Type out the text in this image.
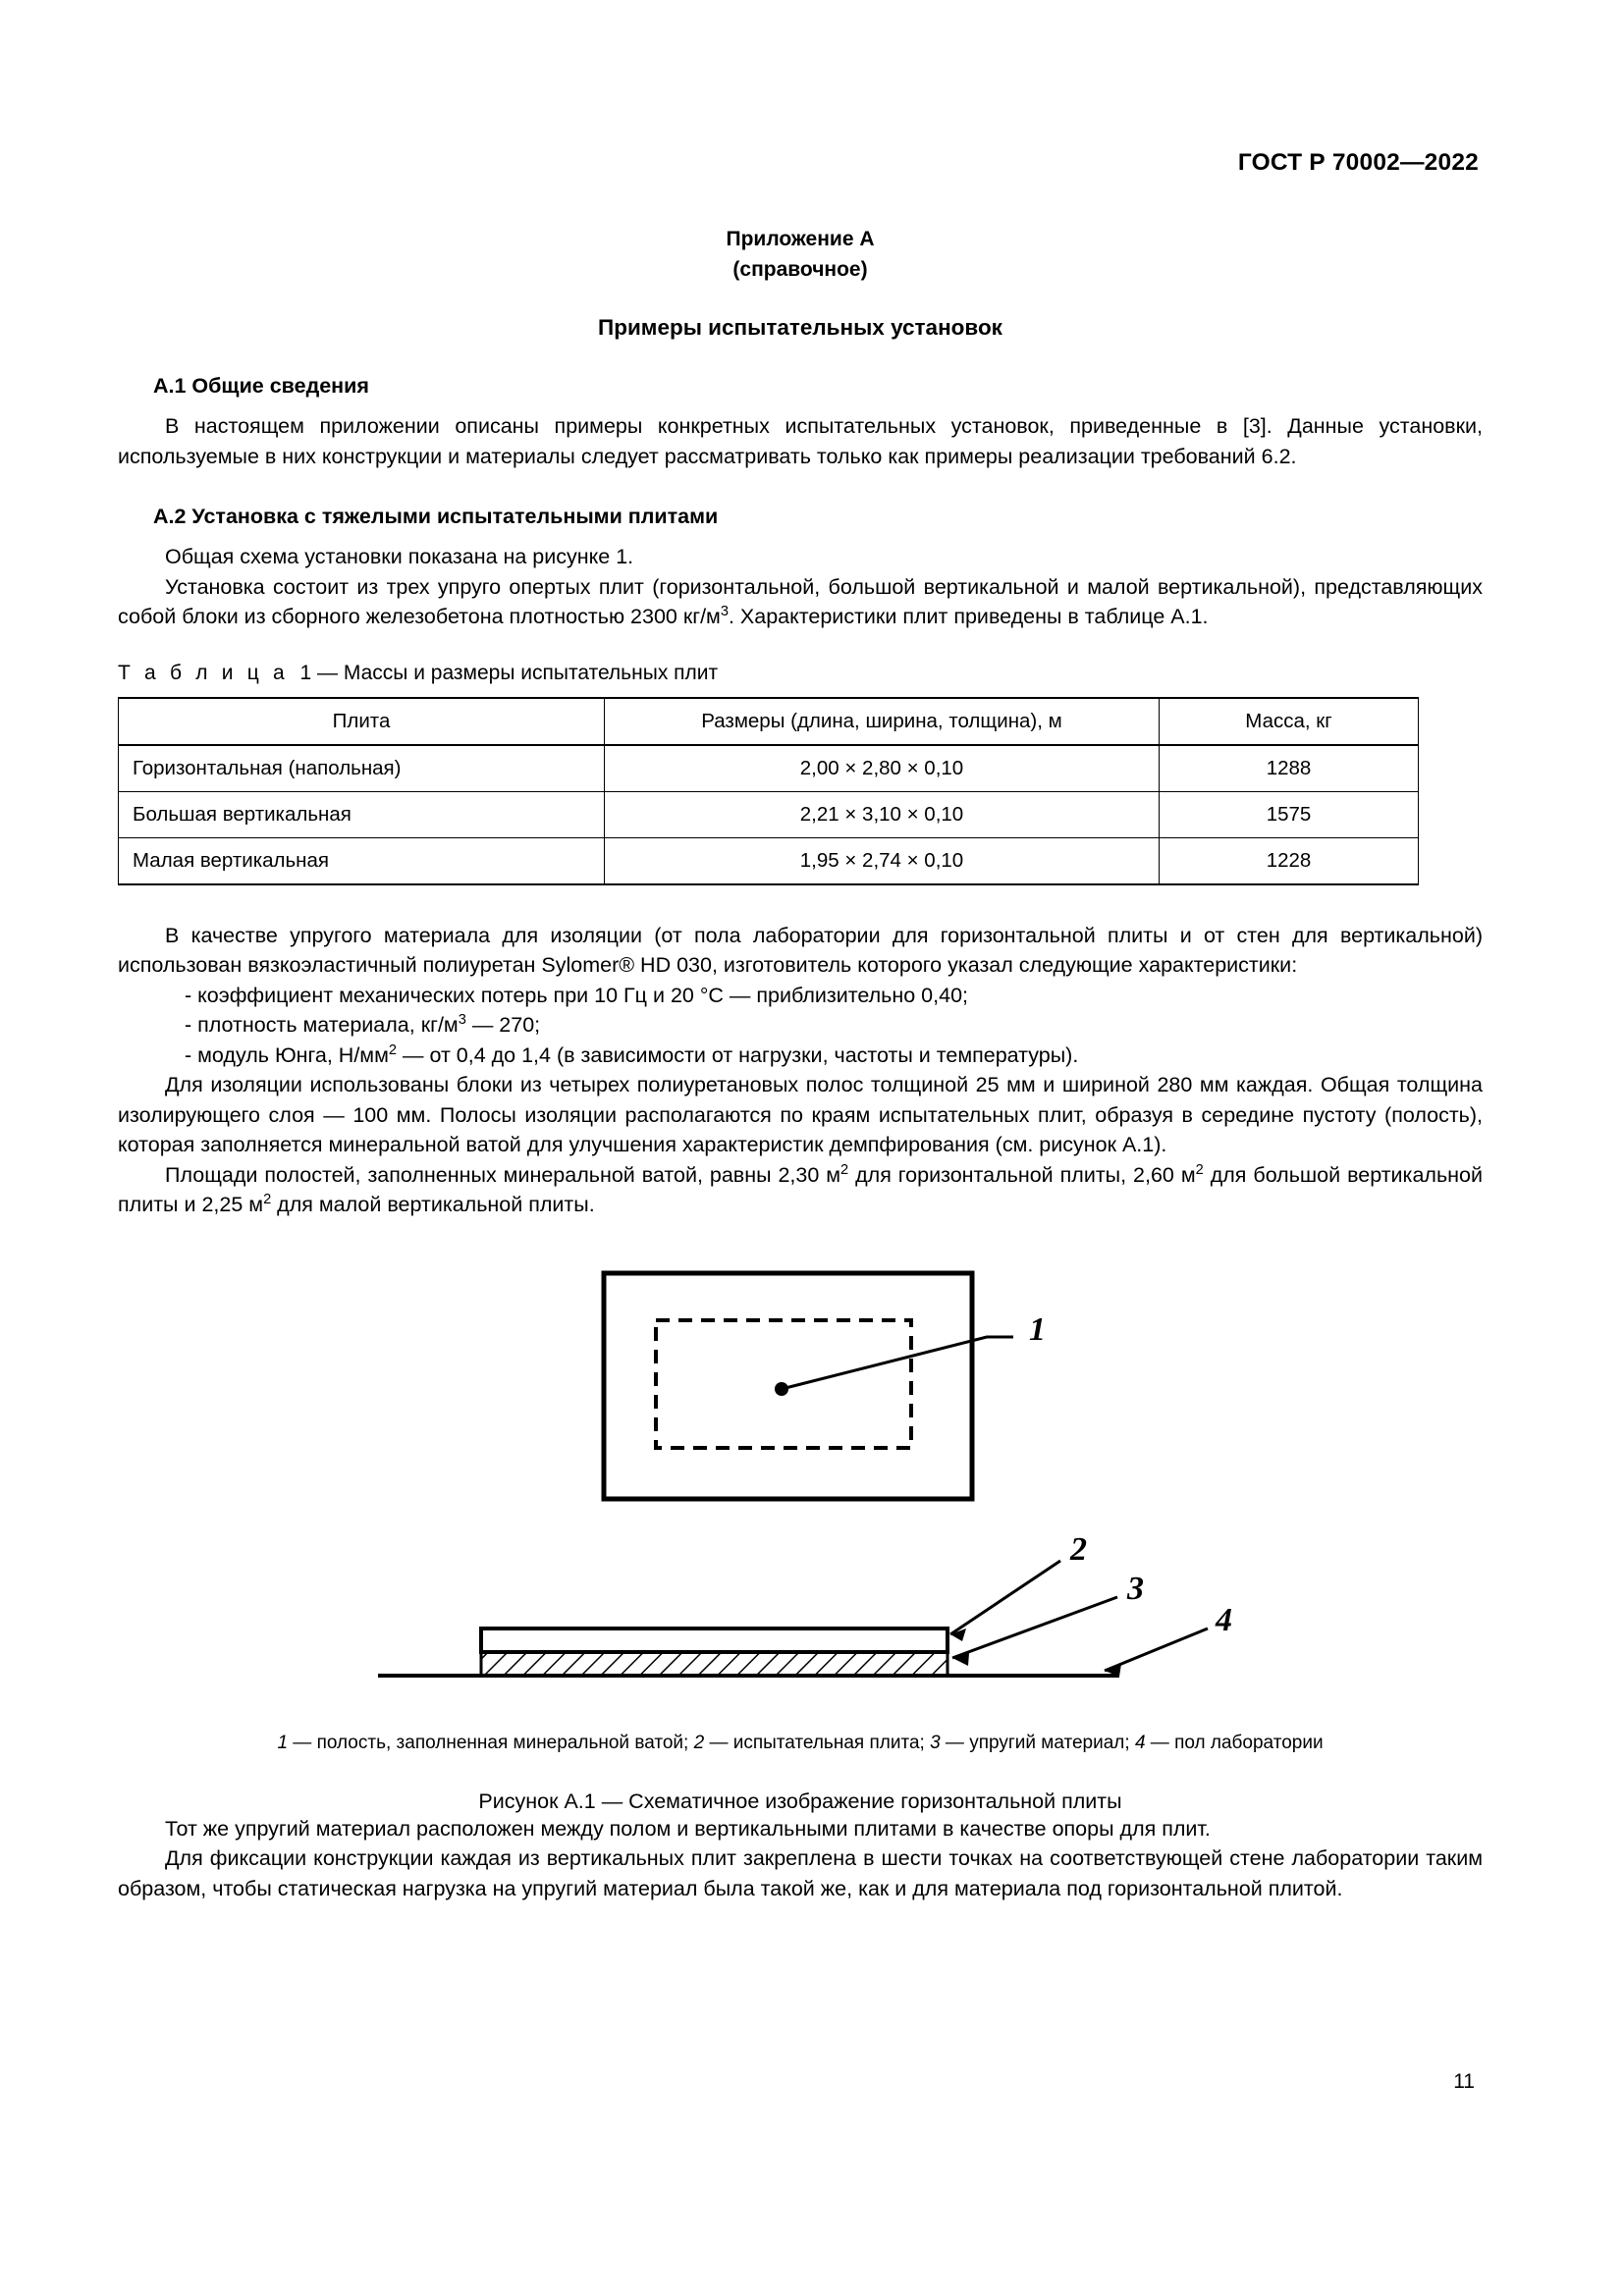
ГОСТ Р 70002—2022
Приложение А
(справочное)
Примеры испытательных установок
А.1 Общие сведения

В настоящем приложении описаны примеры конкретных испытательных установок, приведенные в [3]. Данные установки, используемые в них конструкции и материалы следует рассматривать только как примеры реализации требований 6.2.

А.2 Установка с тяжелыми испытательными плитами

Общая схема установки показана на рисунке 1.

Установка состоит из трех упруго опертых плит (горизонтальной, большой вертикальной и малой вертикальной), представляющих собой блоки из сборного железобетона плотностью 2300 $кг/м^3$. Характеристики плит приведены в таблице А.1.

Т а б л и ц а 1 — Массы и размеры испытательных плит
Плита	Размеры (длина, ширина, толщина), м	Масса, кг
Горизонтальная (напольная)	2,00 × 2,80 × 0,10	1288
Большая вертикальная	2,21 × 3,10 × 0,10	1575
Малая вертикальная	1,95 × 2,74 × 0,10	1228

В качестве упругого материала для изоляции (от пола лаборатории для горизонтальной плиты и от стен для вертикальной) использован вязкоэластичный полиуретан Sylomer® HD 030, изготовитель которого указал следующие характеристики:

- коэффициент механических потерь при 10 Гц и 20 °С — приблизительно 0,40;
- плотность материала, $кг/м^3$ — 270;
- модуль Юнга, $Н/мм^2$ — от 0,4 до 1,4 (в зависимости от нагрузки, частоты и температуры).

Для изоляции использованы блоки из четырех полиуретановых полос толщиной 25 мм и шириной 280 мм каждая. Общая толщина изолирующего слоя — 100 мм. Полосы изоляции располагаются по краям испытательных плит, образуя в середине пустоту (полость), которая заполняется минеральной ватой для улучшения характеристик демпфирования (см. рисунок А.1).

Площади полостей, заполненных минеральной ватой, равны 2,30 $м^2$ для горизонтальной плиты, 2,60 $м^2$ для большой вертикальной плиты и 2,25 $м^2$ для малой вертикальной плиты.

1
2
3
4
1 — полость, заполненная минеральной ватой; 2 — испытательная плита; 3 — упругий материал; 4 — пол лаборатории
Рисунок А.1 — Схематичное изображение горизонтальной плиты

Тот же упругий материал расположен между полом и вертикальными плитами в качестве опоры для плит.

Для фиксации конструкции каждая из вертикальных плит закреплена в шести точках на соответствующей стене лаборатории таким образом, чтобы статическая нагрузка на упругий материал была такой же, как и для материала под горизонтальной плитой.

11
